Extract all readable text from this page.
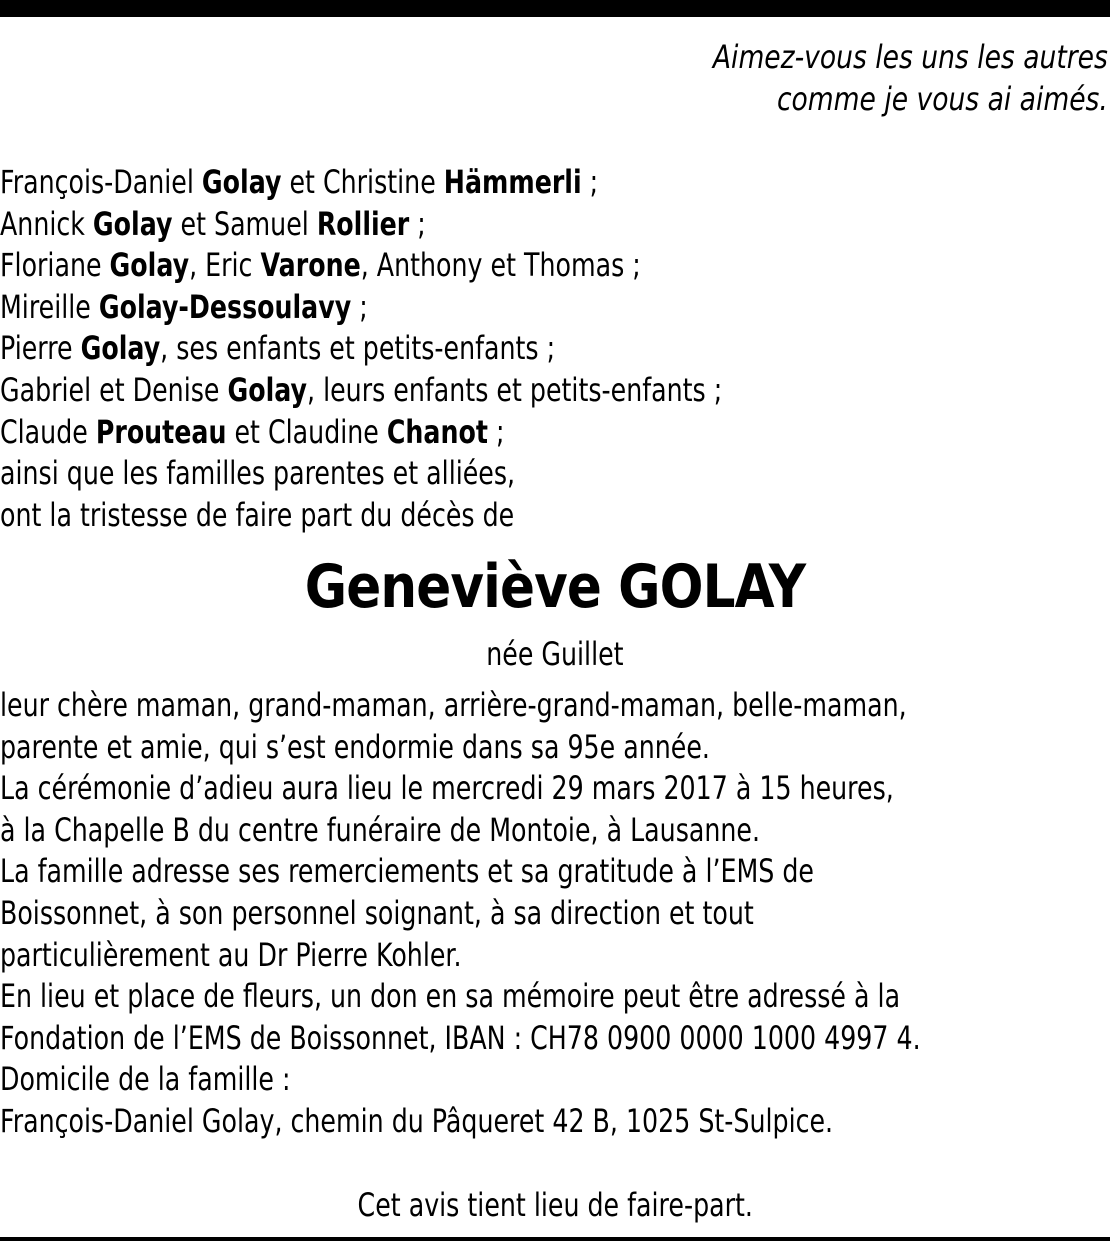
Aimez-vous les uns les autres
comme je vous ai aimés.
François-Daniel Golay et Christine Hämmerli ;
Annick Golay et Samuel Rollier ;
Floriane Golay, Eric Varone, Anthony et Thomas ;
Mireille Golay-Dessoulavy ;
Pierre Golay, ses enfants et petits-enfants ;
Gabriel et Denise Golay, leurs enfants et petits-enfants ;
Claude Prouteau et Claudine Chanot ;
ainsi que les familles parentes et alliées,
ont la tristesse de faire part du décès de
Geneviève GOLAY
née Guillet
leur chère maman, grand-maman, arrière-grand-maman, belle-maman,
parente et amie, qui s’est endormie dans sa 95e année.
La cérémonie d’adieu aura lieu le mercredi 29 mars 2017 à 15 heures,
à la Chapelle B du centre funéraire de Montoie, à Lausanne.
La famille adresse ses remerciements et sa gratitude à l’EMS de
Boissonnet, à son personnel soignant, à sa direction et tout
particulièrement au Dr Pierre Kohler.
En lieu et place de fleurs, un don en sa mémoire peut être adressé à la
Fondation de l’EMS de Boissonnet, IBAN : CH78 0900 0000 1000 4997 4.
Domicile de la famille :
François-Daniel Golay, chemin du Pâqueret 42 B, 1025 St-Sulpice.
Cet avis tient lieu de faire-part.
